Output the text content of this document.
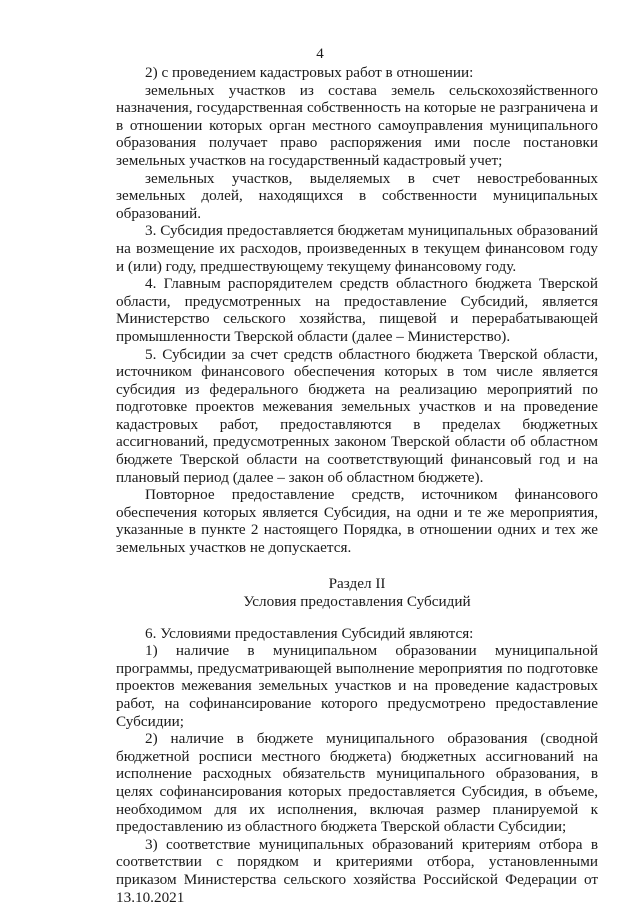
4

2) с проведением кадастровых работ в отношении:

земельных участков из состава земель сельскохозяйственного назначения, государственная собственность на которые не разграничена и в отношении которых орган местного самоуправления муниципального образования получает право распоряжения ими после постановки земельных участков на государственный кадастровый учет;

земельных участков, выделяемых в счет невостребованных земельных долей, находящихся в собственности муниципальных образований.

3. Субсидия предоставляется бюджетам муниципальных образований на возмещение их расходов, произведенных в текущем финансовом году и (или) году, предшествующему текущему финансовому году.

4. Главным распорядителем средств областного бюджета Тверской области, предусмотренных на предоставление Субсидий, является Министерство сельского хозяйства, пищевой и перерабатывающей промышленности Тверской области (далее – Министерство).

5. Субсидии за счет средств областного бюджета Тверской области, источником финансового обеспечения которых в том числе является субсидия из федерального бюджета на реализацию мероприятий по подготовке проектов межевания земельных участков и на проведение кадастровых работ, предоставляются в пределах бюджетных ассигнований, предусмотренных законом Тверской области об областном бюджете Тверской области на соответствующий финансовый год и на плановый период (далее – закон об областном бюджете).

Повторное предоставление средств, источником финансового обеспечения которых является Субсидия, на одни и те же мероприятия, указанные в пункте 2 настоящего Порядка, в отношении одних и тех же земельных участков не допускается.

Раздел II
Условия предоставления Субсидий

6. Условиями предоставления Субсидий являются:

1) наличие в муниципальном образовании муниципальной программы, предусматривающей выполнение мероприятия по подготовке проектов межевания земельных участков и на проведение кадастровых работ, на софинансирование которого предусмотрено предоставление Субсидии;

2) наличие в бюджете муниципального образования (сводной бюджетной росписи местного бюджета) бюджетных ассигнований на исполнение расходных обязательств муниципального образования, в целях софинансирования которых предоставляется Субсидия, в объеме, необходимом для их исполнения, включая размер планируемой к предоставлению из областного бюджета Тверской области Субсидии;

3) соответствие муниципальных образований критериям отбора в соответствии с порядком и критериями отбора, установленными приказом Министерства сельского хозяйства Российской Федерации от 13.10.2021
